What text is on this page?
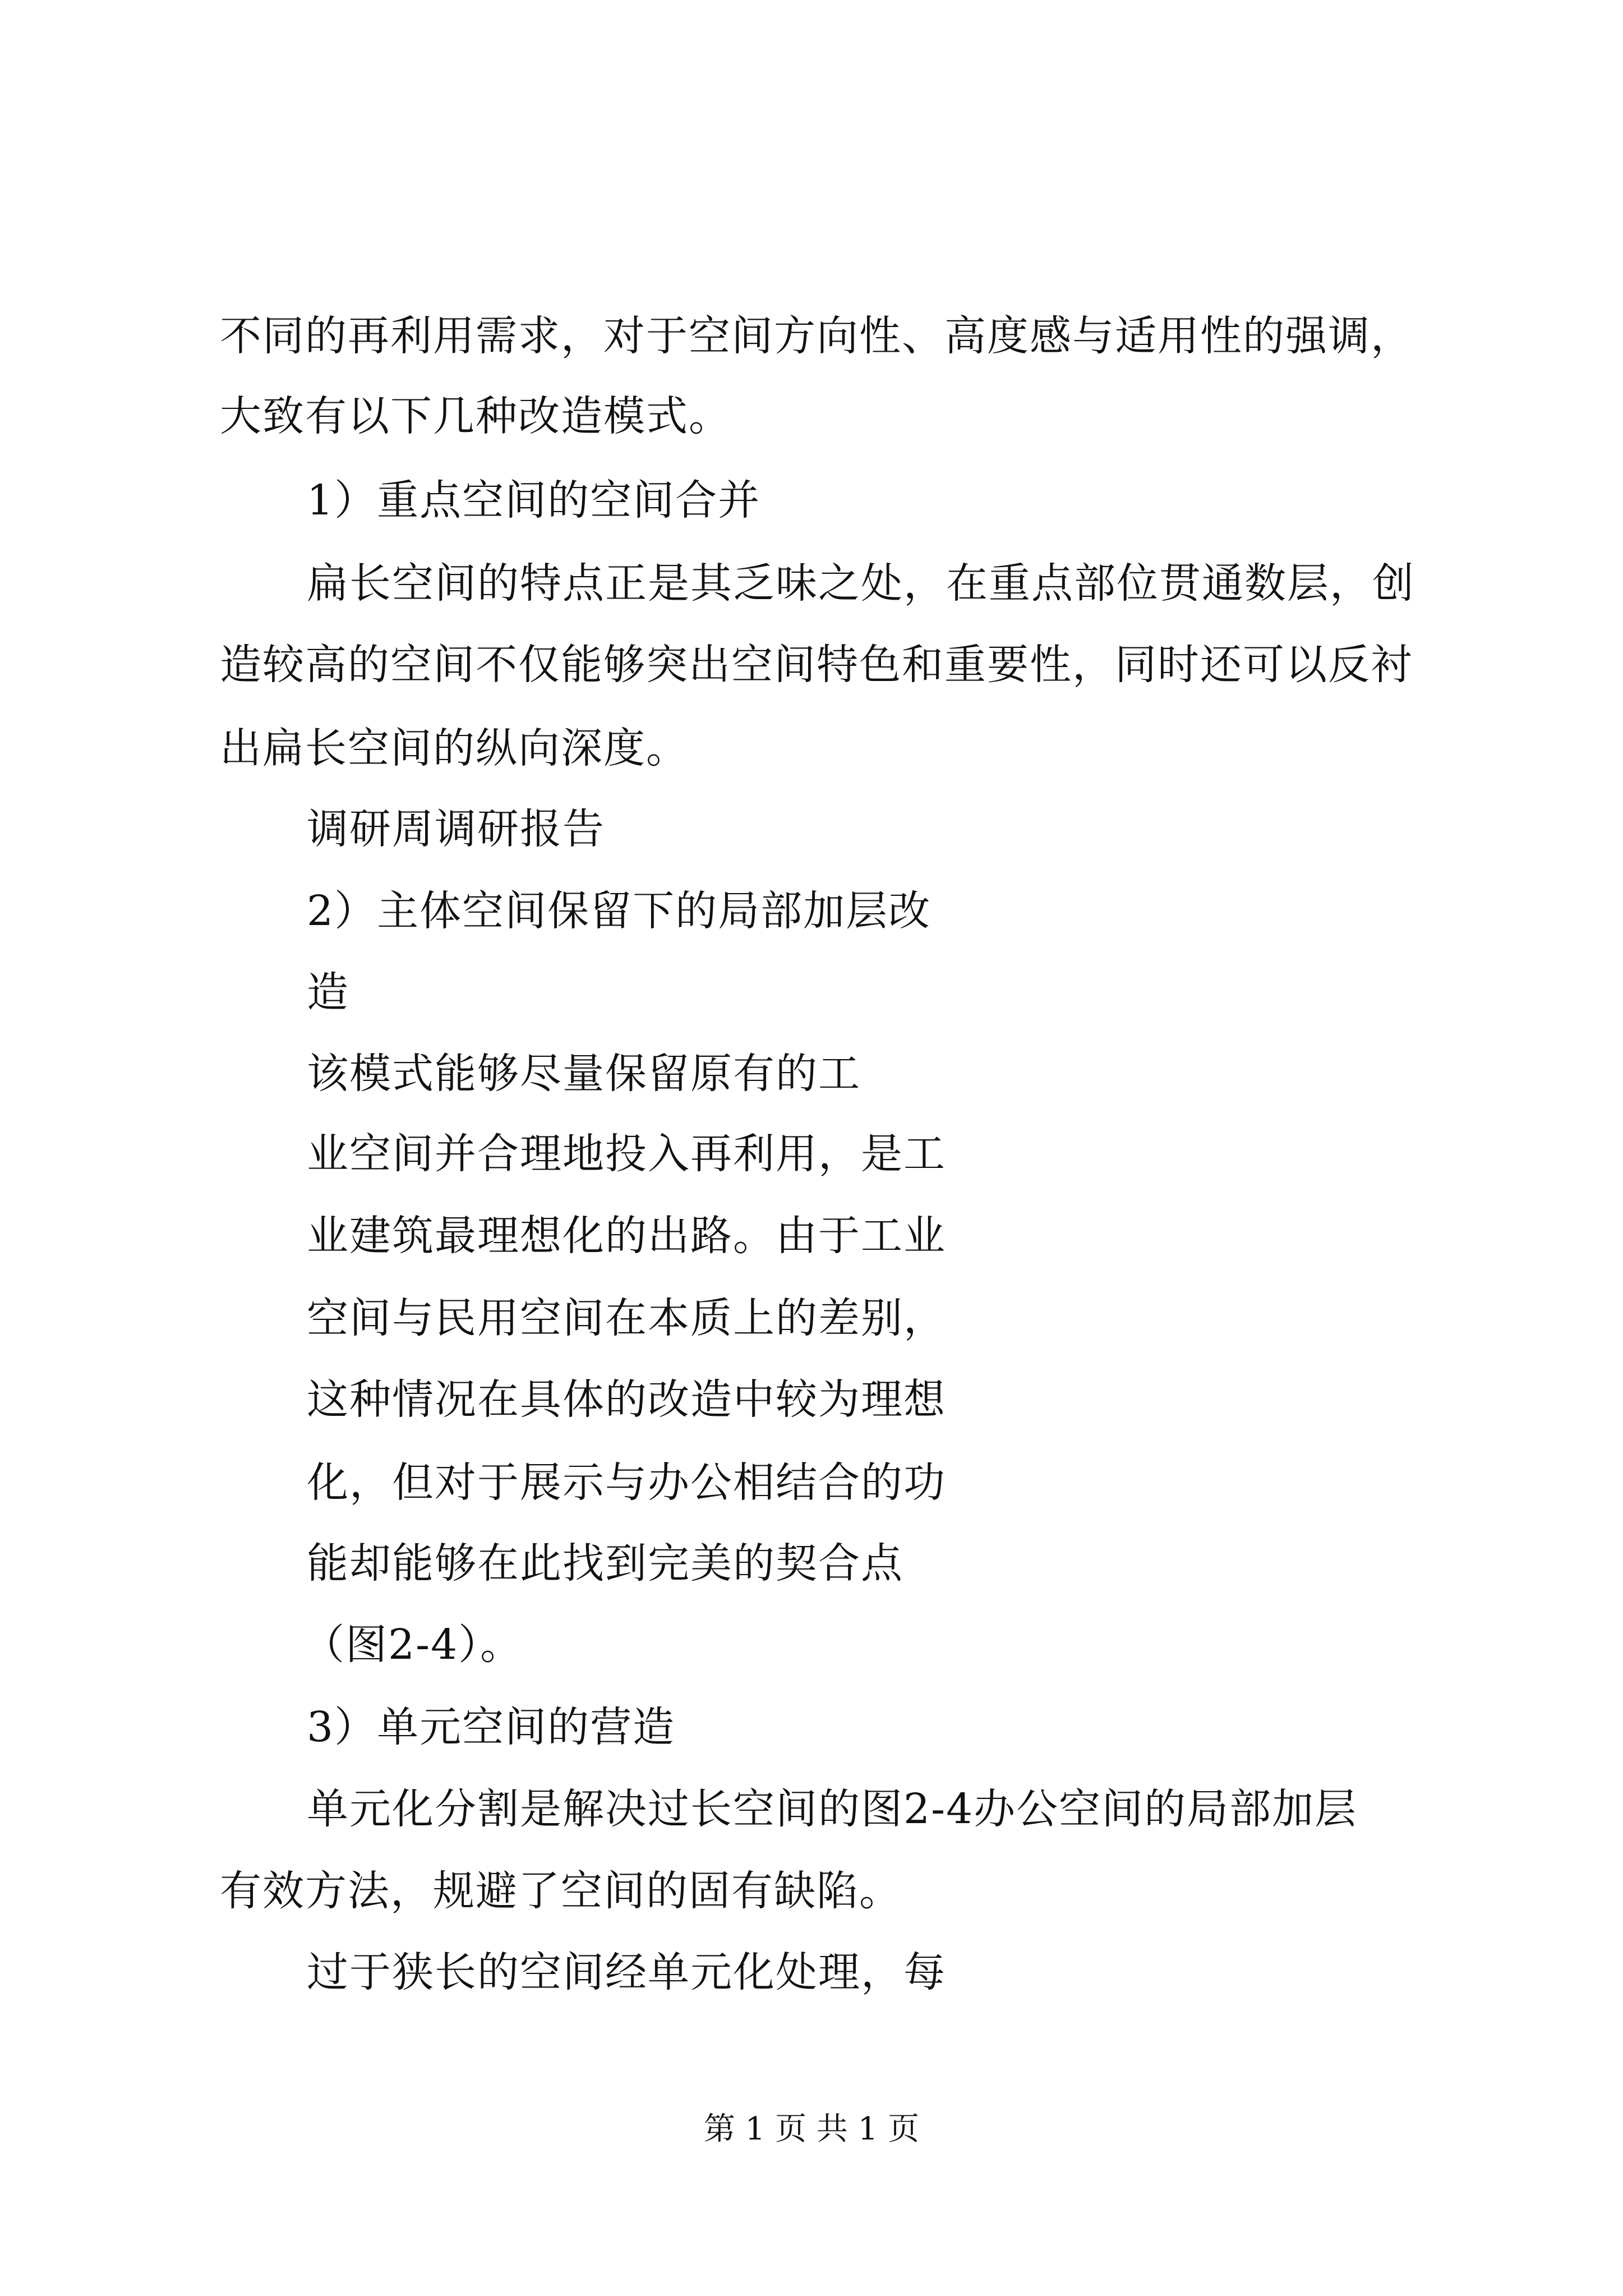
不同的再利用需求，对于空间方向性、高度感与适用性的强调，
大致有以下几种改造模式。
1）重点空间的空间合并
扁长空间的特点正是其乏味之处，在重点部位贯通数层，创
造较高的空间不仅能够突出空间特色和重要性，同时还可以反衬
出扁长空间的纵向深度。
调研周调研报告
2）主体空间保留下的局部加层改
造
该模式能够尽量保留原有的工
业空间并合理地投入再利用，是工
业建筑最理想化的出路。由于工业
空间与民用空间在本质上的差别，
这种情况在具体的改造中较为理想
化，但对于展示与办公相结合的功
能却能够在此找到完美的契合点
（图2-4）。
3）单元空间的营造
单元化分割是解决过长空间的图2-4办公空间的局部加层
有效方法，规避了空间的固有缺陷。
过于狭长的空间经单元化处理，每
第 1 页 共 1 页
